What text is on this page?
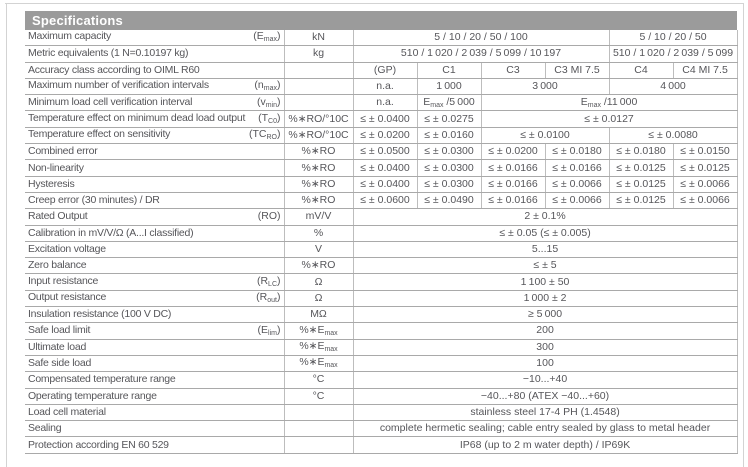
Specifications							

Maximum capacity $(E_{max})$	kN	5 / 10 / 20 / 50 / 100				5 / 10 / 20 / 50	

Metric equivalents (1 N=0.10197 kg)	kg	510 / 1 020 / 2 039 / 5 099 / 10 197				510 / 1 020 / 2 039 / 5 099	

Accuracy class according to OIML R60		(GP)	C1	C3	C3 MI 7.5	C4	C4 MI 7.5

Maximum number of verification intervals $(n_{max})$		n.a.	1 000	3 000		4 000	

Minimum load cell verification interval $(v_{min})$		n.a.	$E_{max}$ /5 000	$E_{max}$ /11 000			

Temperature effect on minimum dead load output $(T_{C0})$	%∗RO/°10C	≤ ± 0.0400	≤ ± 0.0275	≤ ± 0.0127			

Temperature effect on sensitivity $(TC_{RO})$	%∗RO/°10C	≤ ± 0.0200	≤ ± 0.0160	≤ ± 0.0100		≤ ± 0.0080	

Combined error	%∗RO	≤ ± 0.0500	≤ ± 0.0300	≤ ± 0.0200	≤ ± 0.0180	≤ ± 0.0180	≤ ± 0.0150

Non-linearity	%∗RO	≤ ± 0.0400	≤ ± 0.0300	≤ ± 0.0166	≤ ± 0.0166	≤ ± 0.0125	≤ ± 0.0125

Hysteresis	%∗RO	≤ ± 0.0400	≤ ± 0.0300	≤ ± 0.0166	≤ ± 0.0066	≤ ± 0.0125	≤ ± 0.0066

Creep error (30 minutes) / DR	%∗RO	≤ ± 0.0600	≤ ± 0.0490	≤ ± 0.0166	≤ ± 0.0066	≤ ± 0.0125	≤ ± 0.0066

Rated Output (RO)	mV/V	2 ± 0.1%					

Calibration in mV/V/Ω (A...I classified)	%	≤ ± 0.05 (≤ ± 0.005)					

Excitation voltage	V	5...15					

Zero balance	%∗RO	≤ ± 5					

Input resistance $(R_{LC})$	Ω	1 100 ± 50					

Output resistance $(R_{out})$	Ω	1 000 ± 2					

Insulation resistance (100 V DC)	MΩ	≥ 5 000					

Safe load limit $(E_{lim})$	$\%∗E_{max}$	200					

Ultimate load	$\%∗E_{max}$	300					

Safe side load	$\%∗E_{max}$	100					

Compensated temperature range	°C	−10...+40					

Operating temperature range	°C	−40...+80 (ATEX −40...+60)					

Load cell material		stainless steel 17-4 PH (1.4548)					

Sealing		complete hermetic sealing; cable entry sealed by glass to metal header					

Protection according EN 60 529		IP68 (up to 2 m water depth) / IP69K					
